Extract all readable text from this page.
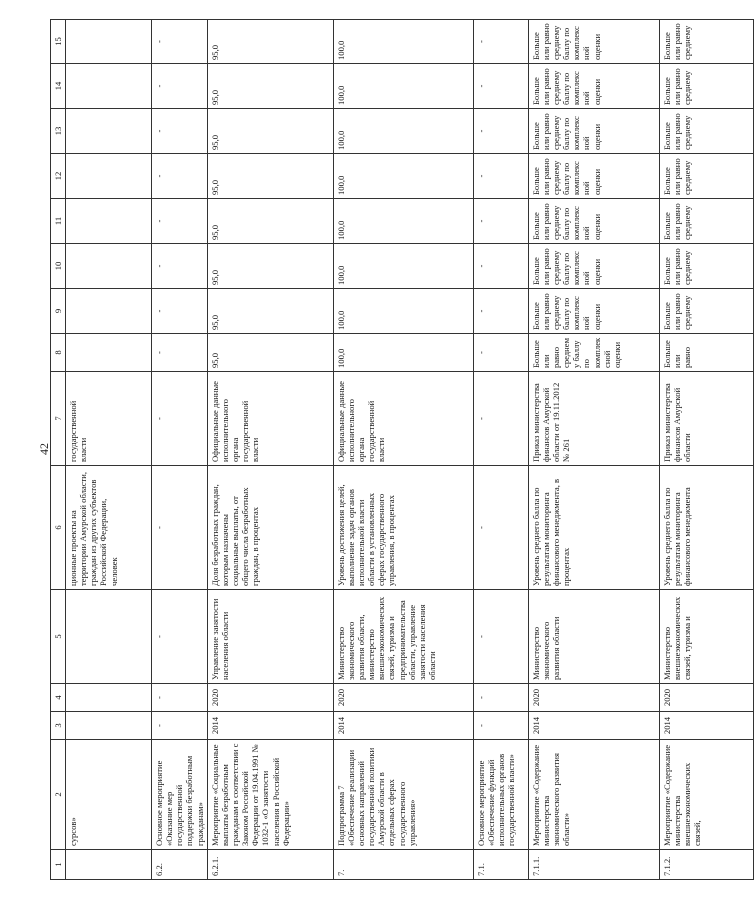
42
1	2	3	4	5	6	7	8	9	10	11	12	13	14	15
	сурсов»				ционные проекты на территории Амурской области, граждан из других субъектов Российской Федерации, человек	государственной власти								
6.2.	Основное мероприятие «Оказание мер государственной поддержки безработным гражданам»	-	-	-	-	-	-	-	-	-	-	-	-	-
6.2.1.	Мероприятие «Социальные выплаты безработным гражданам в соответствии с Законом Российской Федерации от 19.04.1991 № 1032-1 «О занятости населения в Российской Федерации»	2014	2020	Управление занятости населения области	Доля безработных граждан, которым назначены социальные выплаты, от общего числа безработных граждан, в процентах	Официальные данные исполнительного органа государственной власти	95,0	95,0	95,0	95,0	95,0	95,0	95,0	95,0
7.	Подпрограмма 7 «Обеспечение реализации основных направлений государственной политики Амурской области в отдельных сферах государственного управления»	2014	2020	Министерство экономического развития области, министерство внешнеэкономических связей, туризма и предпринимательства области, управление занятости населения области	Уровень достижения целей, выполнение задач органов исполнительной власти области в установленных сферах государственного управления, в процентах	Официальные данные исполнительного органа государственной власти	100,0	100,0	100,0	100,0	100,0	100,0	100,0	100,0
7.1.	Основное мероприятие «Обеспечение функций исполнительных органов государственной власти»	-	-	-	-	-	-	-	-	-	-	-	-	-
7.1.1.	Мероприятие «Содержание министерства экономического развития области»	2014	2020	Министерство экономического развития области	Уровень среднего балла по результатам мониторинга финансового менеджмента, в процентах	Приказ министерства финансов Амурской области от 19.11.2012 № 261	Больше или равно среднему баллу по комплексной оценки	Больше или равно среднему баллу по комплексной оценки	Больше или равно среднему баллу по комплексной оценки	Больше или равно среднему баллу по комплексной оценки	Больше или равно среднему баллу по комплексной оценки	Больше или равно среднему баллу по комплексной оценки	Больше или равно среднему баллу по комплексной оценки	Больше или равно среднему баллу по комплексной оценки
7.1.2.	Мероприятие «Содержание министерства внешнеэкономических связей,	2014	2020	Министерство внешнеэкономических связей, туризма и	Уровень среднего балла по результатам мониторинга финансового менеджмента	Приказ министерства финансов Амурской области	Больше или равно	Больше или равно среднему	Больше или равно среднему	Больше или равно среднему	Больше или равно среднему	Больше или равно среднему	Больше или равно среднему	Больше или равно среднему
